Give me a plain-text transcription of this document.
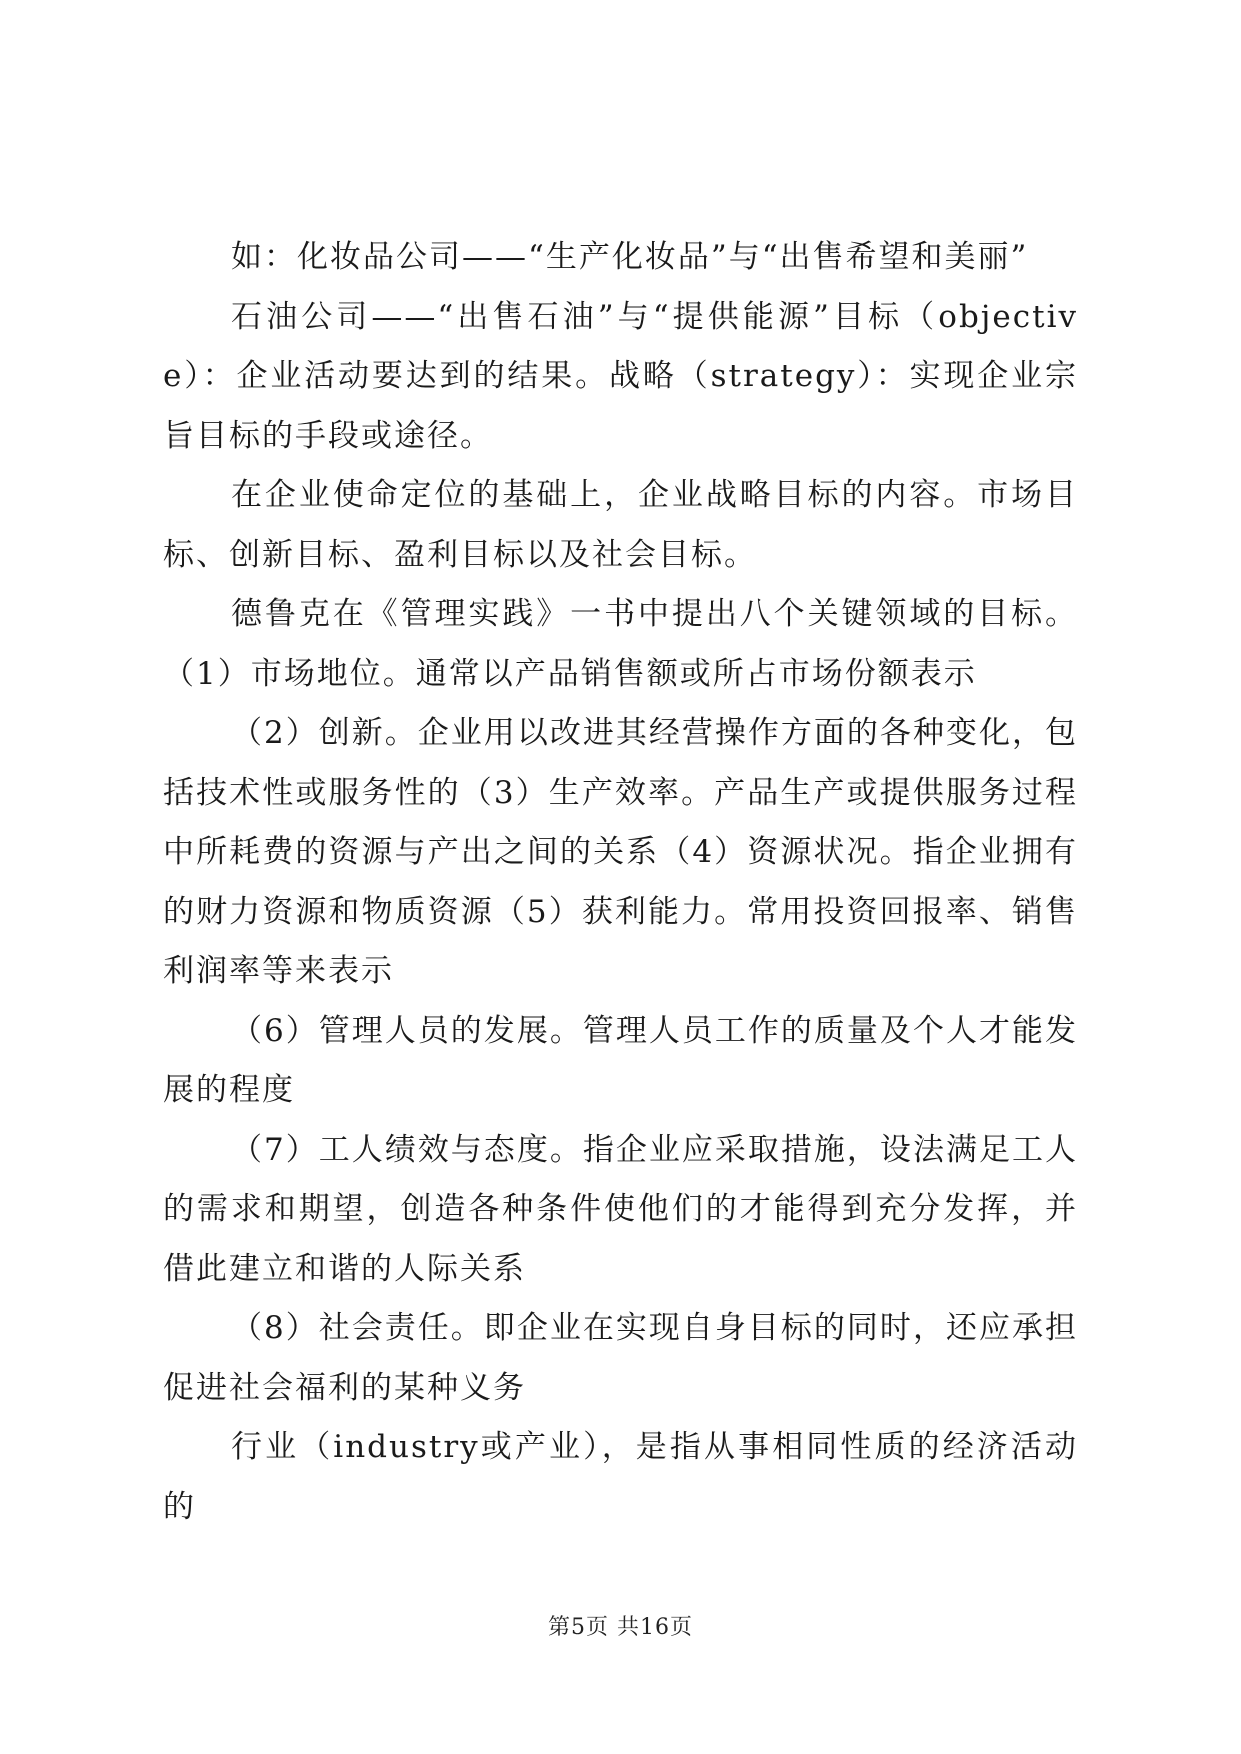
如：化妆品公司——“生产化妆品”与“出售希望和美丽”

石油公司——“出售石油”与“提供能源”目标（objective）：企业活动要达到的结果。战略（strategy）：实现企业宗旨目标的手段或途径。

在企业使命定位的基础上，企业战略目标的内容。市场目标、创新目标、盈利目标以及社会目标。

德鲁克在《管理实践》一书中提出八个关键领域的目标。（1）市场地位。通常以产品销售额或所占市场份额表示

（2）创新。企业用以改进其经营操作方面的各种变化，包括技术性或服务性的（3）生产效率。产品生产或提供服务过程中所耗费的资源与产出之间的关系（4）资源状况。指企业拥有的财力资源和物质资源（5）获利能力。常用投资回报率、销售利润率等来表示

（6）管理人员的发展。管理人员工作的质量及个人才能发展的程度

（7）工人绩效与态度。指企业应采取措施，设法满足工人的需求和期望，创造各种条件使他们的才能得到充分发挥，并借此建立和谐的人际关系

（8）社会责任。即企业在实现自身目标的同时，还应承担促进社会福利的某种义务

行业（industry或产业），是指从事相同性质的经济活动的

第5页 共16页
